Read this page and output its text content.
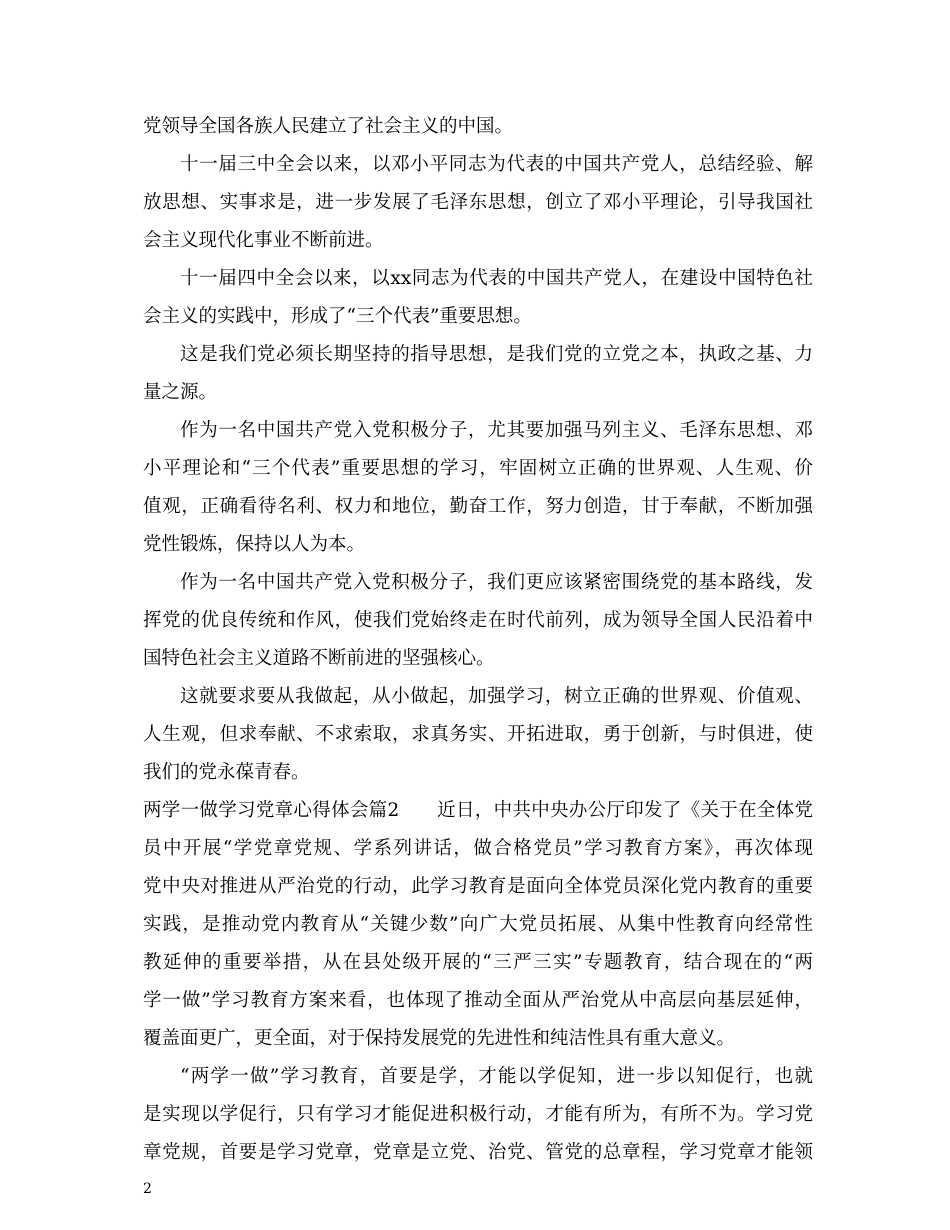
党领导全国各族人民建立了社会主义的中国。
十一届三中全会以来，以邓小平同志为代表的中国共产党人，总结经验、解
放思想、实事求是，进一步发展了毛泽东思想，创立了邓小平理论，引导我国社
会主义现代化事业不断前进。
十一届四中全会以来，以xx同志为代表的中国共产党人，在建设中国特色社
会主义的实践中，形成了“三个代表”重要思想。
这是我们党必须长期坚持的指导思想，是我们党的立党之本，执政之基、力
量之源。
作为一名中国共产党入党积极分子，尤其要加强马列主义、毛泽东思想、邓
小平理论和“三个代表”重要思想的学习，牢固树立正确的世界观、人生观、价
值观，正确看待名利、权力和地位，勤奋工作，努力创造，甘于奉献，不断加强
党性锻炼，保持以人为本。
作为一名中国共产党入党积极分子，我们更应该紧密围绕党的基本路线，发
挥党的优良传统和作风，使我们党始终走在时代前列，成为领导全国人民沿着中
国特色社会主义道路不断前进的坚强核心。
这就要求要从我做起，从小做起，加强学习，树立正确的世界观、价值观、
人生观，但求奉献、不求索取，求真务实、开拓进取，勇于创新，与时俱进，使
我们的党永葆青春。
两学一做学习党章心得体会篇2　　近日，中共中央办公厅印发了《关于在全体党
员中开展“学党章党规、学系列讲话，做合格党员”学习教育方案》，再次体现
党中央对推进从严治党的行动，此学习教育是面向全体党员深化党内教育的重要
实践，是推动党内教育从“关键少数”向广大党员拓展、从集中性教育向经常性
教延伸的重要举措，从在县处级开展的“三严三实”专题教育，结合现在的“两
学一做”学习教育方案来看，也体现了推动全面从严治党从中高层向基层延伸，
覆盖面更广，更全面，对于保持发展党的先进性和纯洁性具有重大意义。
“两学一做”学习教育，首要是学，才能以学促知，进一步以知促行，也就
是实现以学促行，只有学习才能促进积极行动，才能有所为，有所不为。学习党
章党规，首要是学习党章，党章是立党、治党、管党的总章程，学习党章才能领
2
